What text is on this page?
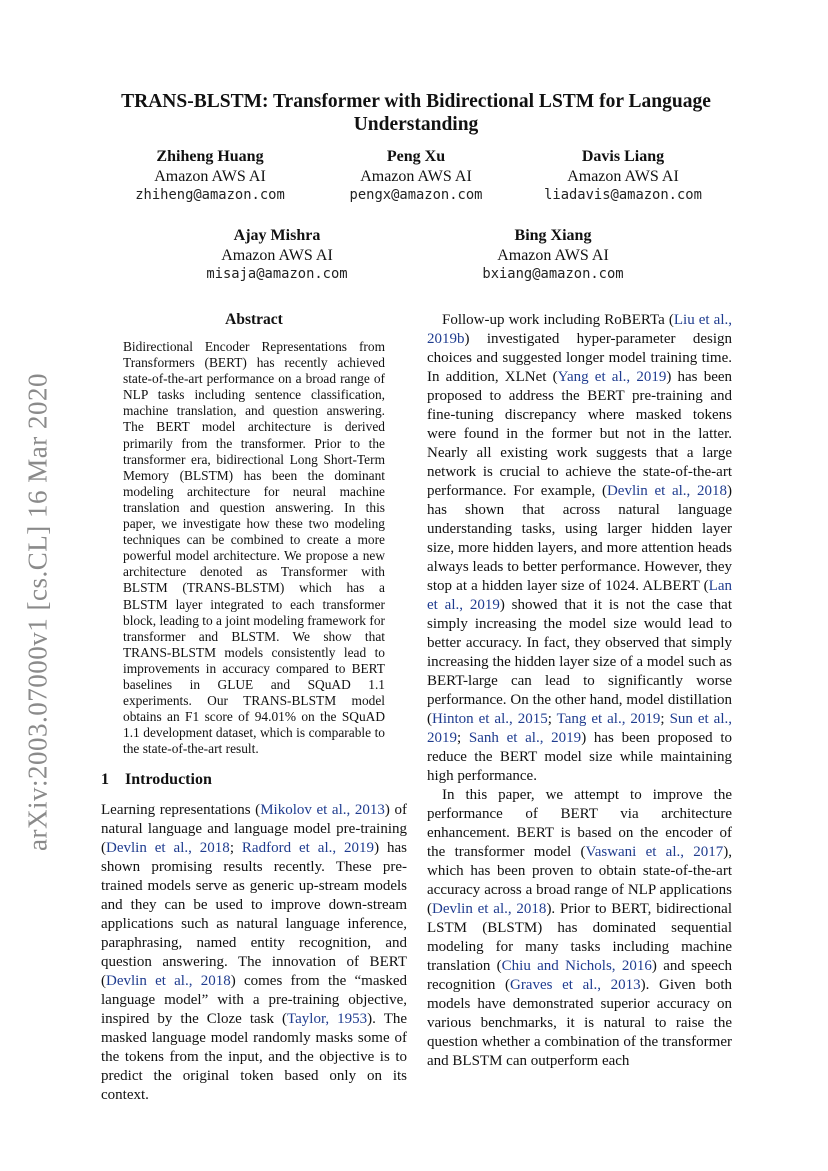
arXiv:2003.07000v1 [cs.CL] 16 Mar 2020
TRANS-BLSTM: Transformer with Bidirectional LSTM for Language Understanding
Zhiheng Huang
Amazon AWS AI
zhiheng@amazon.com
Peng Xu
Amazon AWS AI
pengx@amazon.com
Davis Liang
Amazon AWS AI
liadavis@amazon.com
Ajay Mishra
Amazon AWS AI
misaja@amazon.com
Bing Xiang
Amazon AWS AI
bxiang@amazon.com
Abstract

Bidirectional Encoder Representations from Transformers (BERT) has recently achieved state-of-the-art performance on a broad range of NLP tasks including sentence classification, machine translation, and question answering. The BERT model architecture is derived primarily from the transformer. Prior to the transformer era, bidirectional Long Short-Term Memory (BLSTM) has been the dominant modeling architecture for neural machine translation and question answering. In this paper, we investigate how these two modeling techniques can be combined to create a more powerful model architecture. We propose a new architecture denoted as Transformer with BLSTM (TRANS-BLSTM) which has a BLSTM layer integrated to each transformer block, leading to a joint modeling framework for transformer and BLSTM. We show that TRANS-BLSTM models consistently lead to improvements in accuracy compared to BERT baselines in GLUE and SQuAD 1.1 experiments. Our TRANS-BLSTM model obtains an F1 score of 94.01% on the SQuAD 1.1 development dataset, which is comparable to the state-of-the-art result.

1 Introduction

Learning representations (Mikolov et al., 2013) of natural language and language model pre-training (Devlin et al., 2018; Radford et al., 2019) has shown promising results recently. These pre-trained models serve as generic up-stream models and they can be used to improve down-stream applications such as natural language inference, paraphrasing, named entity recognition, and question answering. The innovation of BERT (Devlin et al., 2018) comes from the “masked language model” with a pre-training objective, inspired by the Cloze task (Taylor, 1953). The masked language model randomly masks some of the tokens from the input, and the objective is to predict the original token based only on its context.

Follow-up work including RoBERTa (Liu et al., 2019b) investigated hyper-parameter design choices and suggested longer model training time. In addition, XLNet (Yang et al., 2019) has been proposed to address the BERT pre-training and fine-tuning discrepancy where masked tokens were found in the former but not in the latter. Nearly all existing work suggests that a large network is crucial to achieve the state-of-the-art performance. For example, (Devlin et al., 2018) has shown that across natural language understanding tasks, using larger hidden layer size, more hidden layers, and more attention heads always leads to better performance. However, they stop at a hidden layer size of 1024. ALBERT (Lan et al., 2019) showed that it is not the case that simply increasing the model size would lead to better accuracy. In fact, they observed that simply increasing the hidden layer size of a model such as BERT-large can lead to significantly worse performance. On the other hand, model distillation (Hinton et al., 2015; Tang et al., 2019; Sun et al., 2019; Sanh et al., 2019) has been proposed to reduce the BERT model size while maintaining high performance.

In this paper, we attempt to improve the performance of BERT via architecture enhancement. BERT is based on the encoder of the transformer model (Vaswani et al., 2017), which has been proven to obtain state-of-the-art accuracy across a broad range of NLP applications (Devlin et al., 2018). Prior to BERT, bidirectional LSTM (BLSTM) has dominated sequential modeling for many tasks including machine translation (Chiu and Nichols, 2016) and speech recognition (Graves et al., 2013). Given both models have demonstrated superior accuracy on various benchmarks, it is natural to raise the question whether a combination of the transformer and BLSTM can outperform each
